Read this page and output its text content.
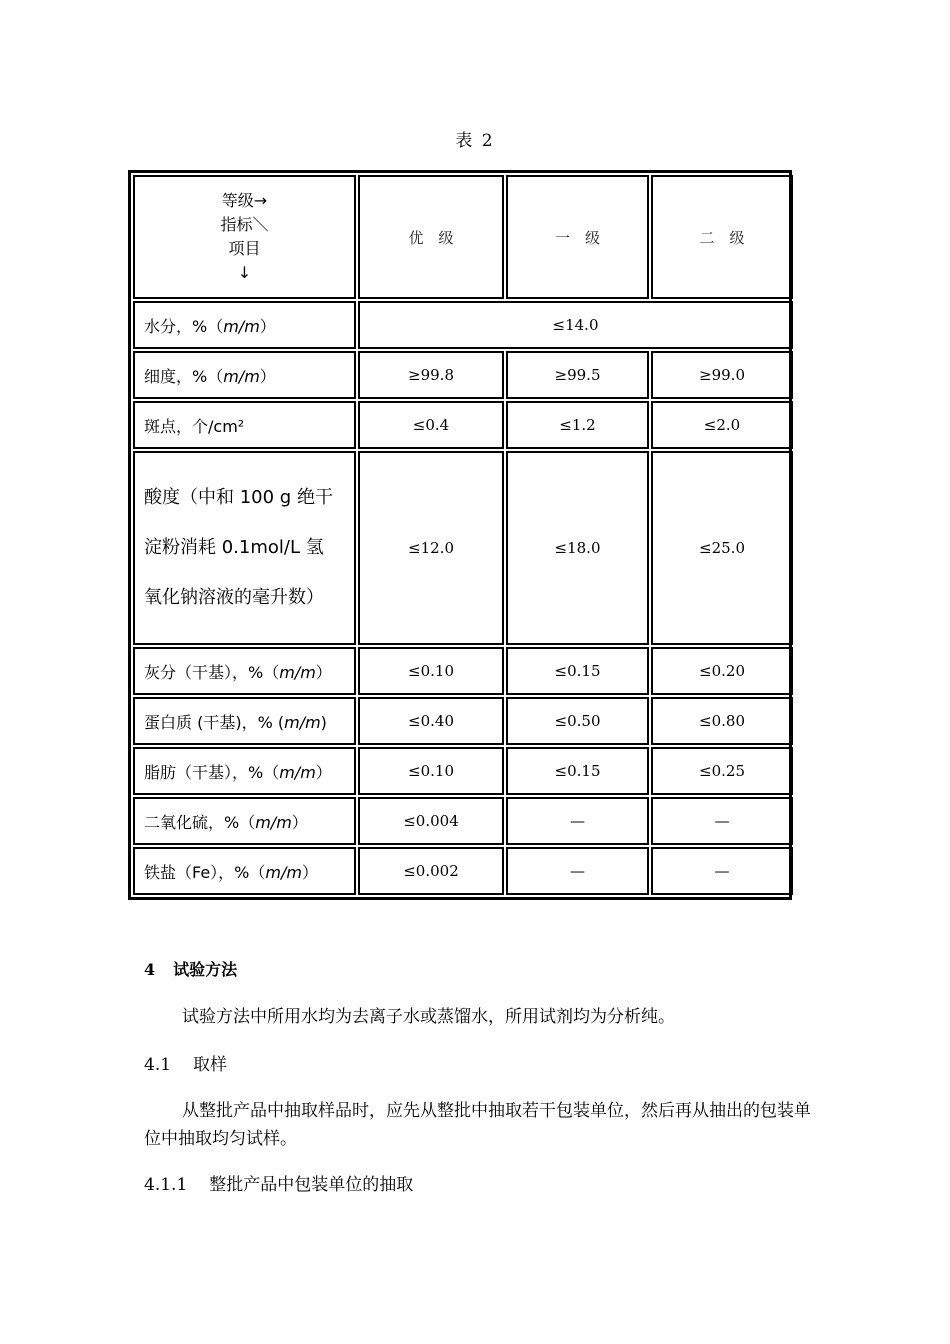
表 2
等级→
指标＼
项目
↓	优　级	一　级	二　级
水分，%（m/m）	≤14.0		
细度，%（m/m）	≥99.8	≥99.5	≥99.0
斑点，个/cm²	≤0.4	≤1.2	≤2.0

酸度（中和 100 g 绝干
淀粉消耗 0.1mol/L 氢
氧化钠溶液的毫升数）	≤12.0	≤18.0	≤25.0
灰分（干基），%（m/m）	≤0.10	≤0.15	≤0.20
蛋白质 (干基)，% (m/m)	≤0.40	≤0.50	≤0.80
脂肪（干基），%（m/m）	≤0.10	≤0.15	≤0.25
二氧化硫，%（m/m）	≤0.004	—	—
铁盐（Fe），%（m/m）	≤0.002	—	—
4 试验方法
试验方法中所用水均为去离子水或蒸馏水，所用试剂均为分析纯。
4.1 取样
从整批产品中抽取样品时，应先从整批中抽取若干包装单位，然后再从抽出的包装单位中抽取均匀试样。
4.1.1 整批产品中包装单位的抽取
